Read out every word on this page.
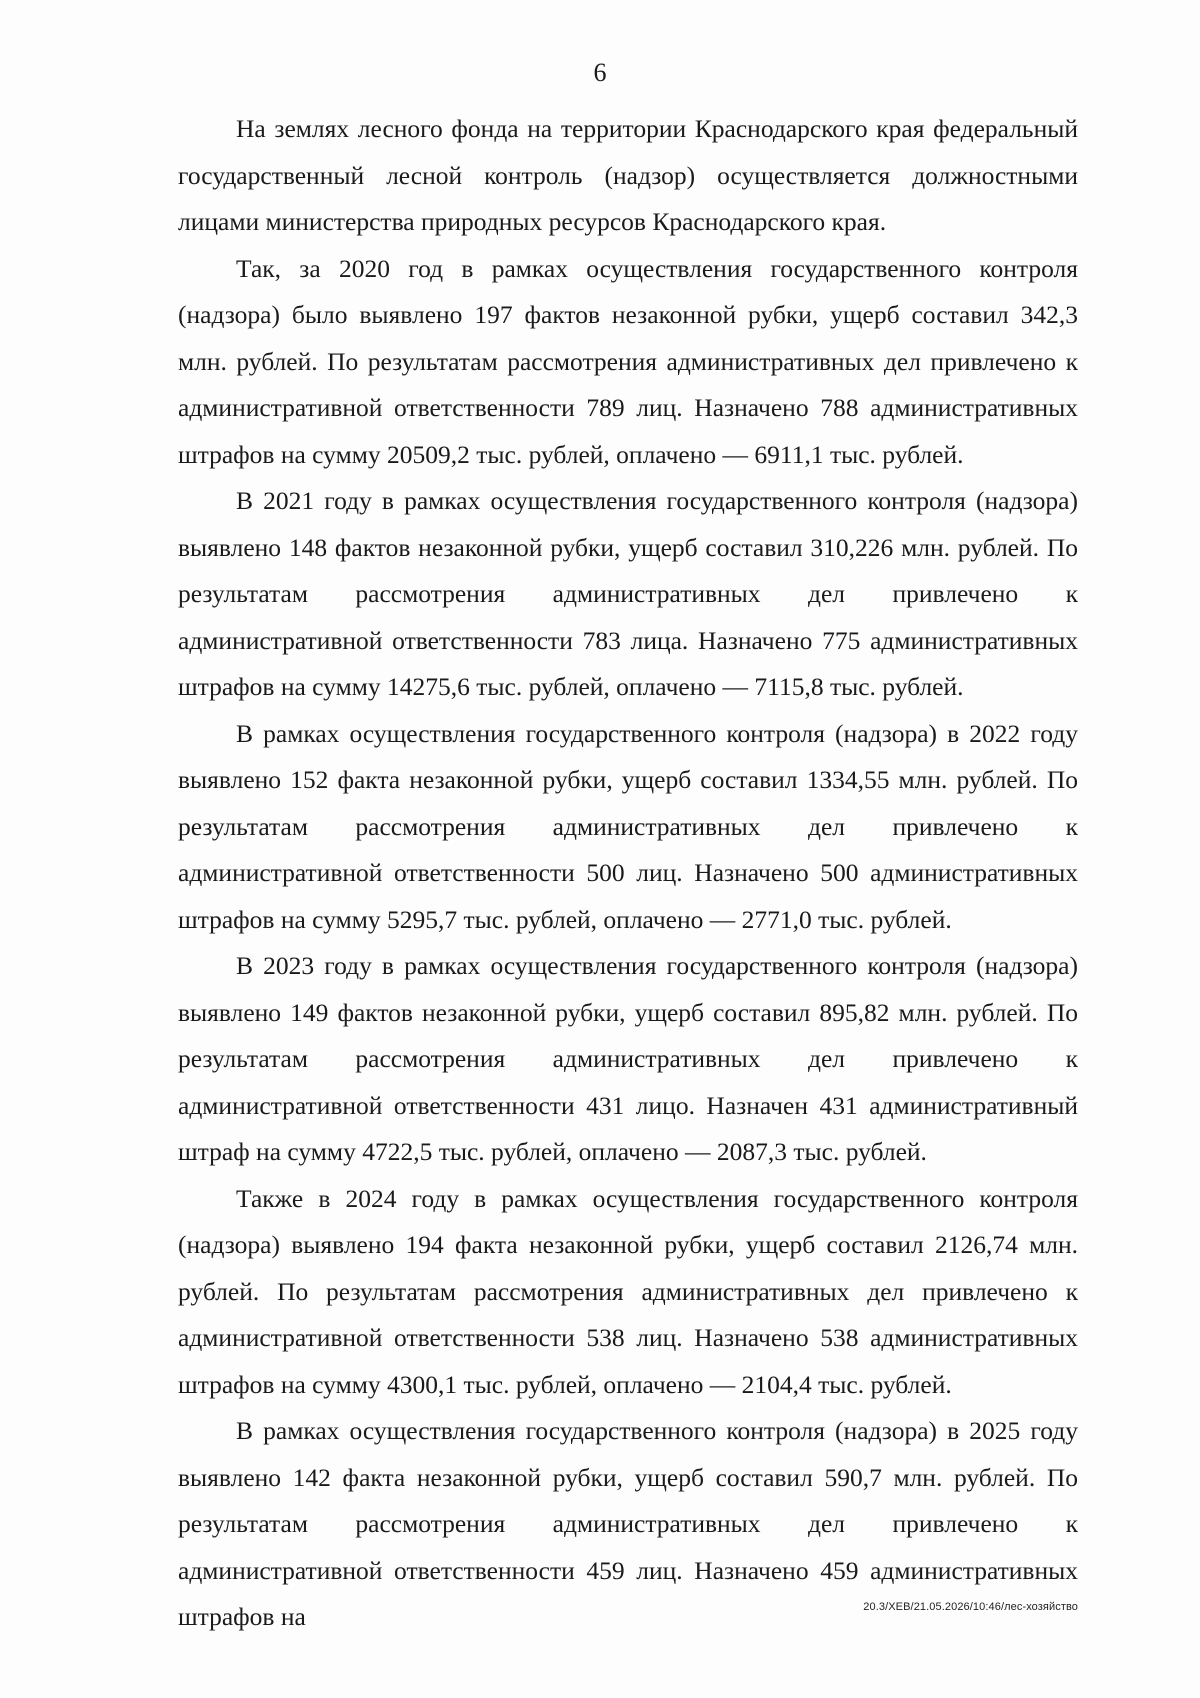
6

На землях лесного фонда на территории Краснодарского края федеральный государственный лесной контроль (надзор) осуществляется должностными лицами министерства природных ресурсов Краснодарского края.

Так, за 2020 год в рамках осуществления государственного контроля (надзора) было выявлено 197 фактов незаконной рубки, ущерб составил 342,3 млн. рублей. По результатам рассмотрения административных дел привлечено к административной ответственности 789 лиц. Назначено 788 административных штрафов на сумму 20509,2 тыс. рублей, оплачено — 6911,1 тыс. рублей.

В 2021 году в рамках осуществления государственного контроля (надзора) выявлено 148 фактов незаконной рубки, ущерб составил 310,226 млн. рублей. По результатам рассмотрения административных дел привлечено к административной ответственности 783 лица. Назначено 775 административных штрафов на сумму 14275,6 тыс. рублей, оплачено — 7115,8 тыс. рублей.

В рамках осуществления государственного контроля (надзора) в 2022 году выявлено 152 факта незаконной рубки, ущерб составил 1334,55 млн. рублей. По результатам рассмотрения административных дел привлечено к административной ответственности 500 лиц. Назначено 500 административных штрафов на сумму 5295,7 тыс. рублей, оплачено — 2771,0 тыс. рублей.

В 2023 году в рамках осуществления государственного контроля (надзора) выявлено 149 фактов незаконной рубки, ущерб составил 895,82 млн. рублей. По результатам рассмотрения административных дел привлечено к административной ответственности 431 лицо. Назначен 431 административный штраф на сумму 4722,5 тыс. рублей, оплачено — 2087,3 тыс. рублей.

Также в 2024 году в рамках осуществления государственного контроля (надзора) выявлено 194 факта незаконной рубки, ущерб составил 2126,74 млн. рублей. По результатам рассмотрения административных дел привлечено к административной ответственности 538 лиц. Назначено 538 административных штрафов на сумму 4300,1 тыс. рублей, оплачено — 2104,4 тыс. рублей.

В рамках осуществления государственного контроля (надзора) в 2025 году выявлено 142 факта незаконной рубки, ущерб составил 590,7 млн. рублей. По результатам рассмотрения административных дел привлечено к административной ответственности 459 лиц. Назначено 459 административных штрафов на	20.3/ХЕВ/21.05.2026/10:46/лес-хозяйство
